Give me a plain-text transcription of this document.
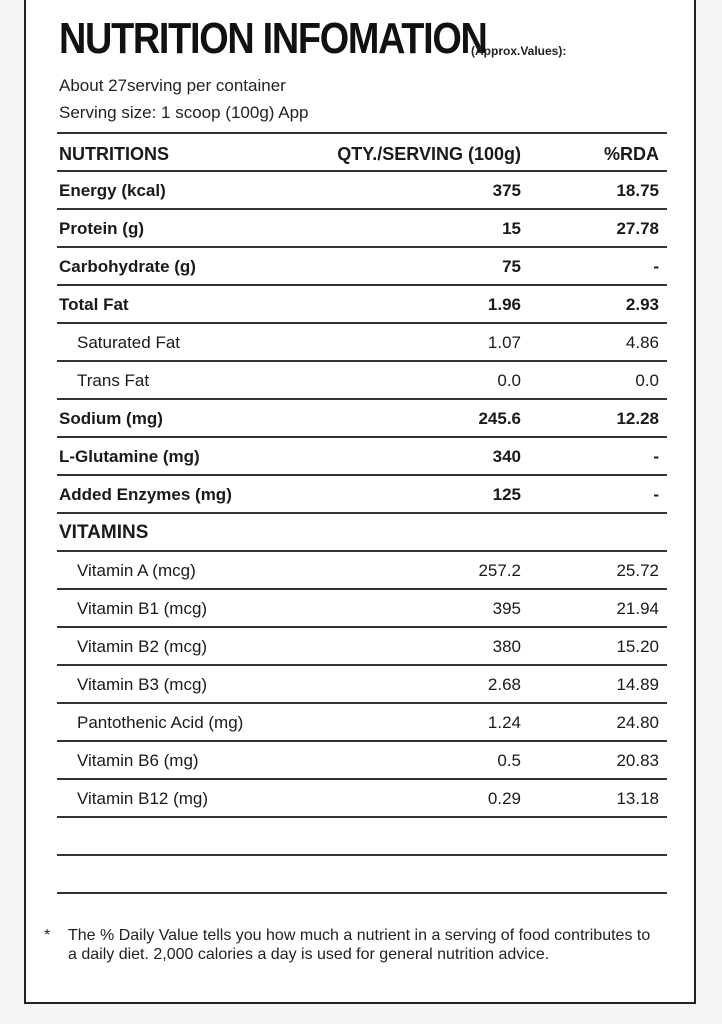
NUTRITION INFOMATION
(Approx.Values):
About 27serving per container
Serving size: 1 scoop (100g) App
NUTRITIONS	QTY./SERVING (100g)	%RDA
Energy (kcal)	375	18.75
Protein (g)	15	27.78
Carbohydrate (g)	75	-
Total Fat	1.96	2.93
Saturated Fat	1.07	4.86
Trans Fat	0.0	0.0
Sodium (mg)	245.6	12.28
L-Glutamine (mg)	340	-
Added Enzymes (mg)	125	-
VITAMINS
Vitamin A (mcg)	257.2	25.72
Vitamin B1 (mcg)	395	21.94
Vitamin B2 (mcg)	380	15.20
Vitamin B3 (mcg)	2.68	14.89
Pantothenic Acid (mg)	1.24	24.80
Vitamin B6 (mg)	0.5	20.83
Vitamin B12 (mg)	0.29	13.18
*	The % Daily Value tells you how much a nutrient in a serving of food contributes to a daily diet. 2,000 calories a day is used for general nutrition advice.
